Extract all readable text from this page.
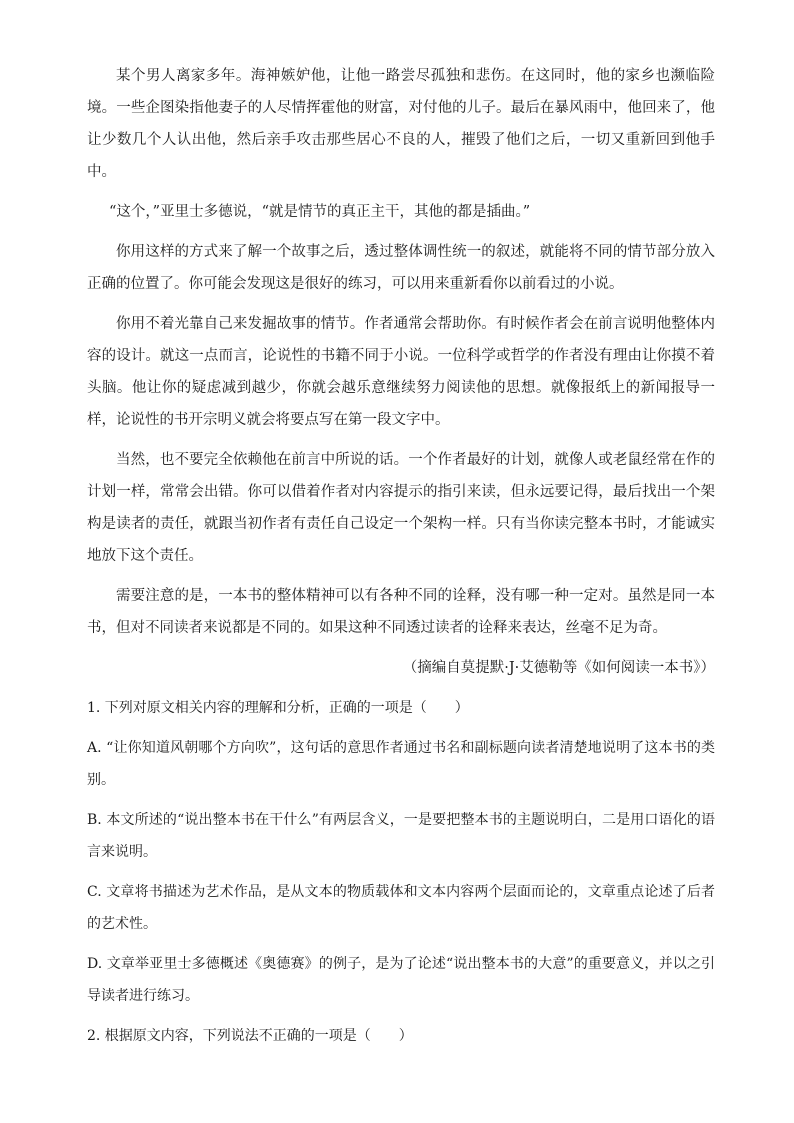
某个男人离家多年。海神嫉妒他，让他一路尝尽孤独和悲伤。在这同时，他的家乡也濒临险境。一些企图染指他妻子的人尽情挥霍他的财富，对付他的儿子。最后在暴风雨中，他回来了，他让少数几个人认出他，然后亲手攻击那些居心不良的人，摧毁了他们之后，一切又重新回到他手中。

“这个，”亚里士多德说，“就是情节的真正主干，其他的都是插曲。”

你用这样的方式来了解一个故事之后，透过整体调性统一的叙述，就能将不同的情节部分放入正确的位置了。你可能会发现这是很好的练习，可以用来重新看你以前看过的小说。

你用不着光靠自己来发掘故事的情节。作者通常会帮助你。有时候作者会在前言说明他整体内容的设计。就这一点而言，论说性的书籍不同于小说。一位科学或哲学的作者没有理由让你摸不着头脑。他让你的疑虑减到越少，你就会越乐意继续努力阅读他的思想。就像报纸上的新闻报导一样，论说性的书开宗明义就会将要点写在第一段文字中。

当然，也不要完全依赖他在前言中所说的话。一个作者最好的计划，就像人或老鼠经常在作的计划一样，常常会出错。你可以借着作者对内容提示的指引来读，但永远要记得，最后找出一个架构是读者的责任，就跟当初作者有责任自己设定一个架构一样。只有当你读完整本书时，才能诚实地放下这个责任。

需要注意的是，一本书的整体精神可以有各种不同的诠释，没有哪一种一定对。虽然是同一本书，但对不同读者来说都是不同的。如果这种不同透过读者的诠释来表达，丝毫不足为奇。

（摘编自莫提默·J·艾德勒等《如何阅读一本书》）

1. 下列对原文相关内容的理解和分析，正确的一项是（　　）

A. “让你知道风朝哪个方向吹”，这句话的意思作者通过书名和副标题向读者清楚地说明了这本书的类别。

B. 本文所述的“说出整本书在干什么”有两层含义，一是要把整本书的主题说明白，二是用口语化的语言来说明。

C. 文章将书描述为艺术作品，是从文本的物质载体和文本内容两个层面而论的，文章重点论述了后者的艺术性。

D. 文章举亚里士多德概述《奥德赛》的例子，是为了论述“说出整本书的大意”的重要意义，并以之引导读者进行练习。

2. 根据原文内容，下列说法不正确的一项是（　　）
